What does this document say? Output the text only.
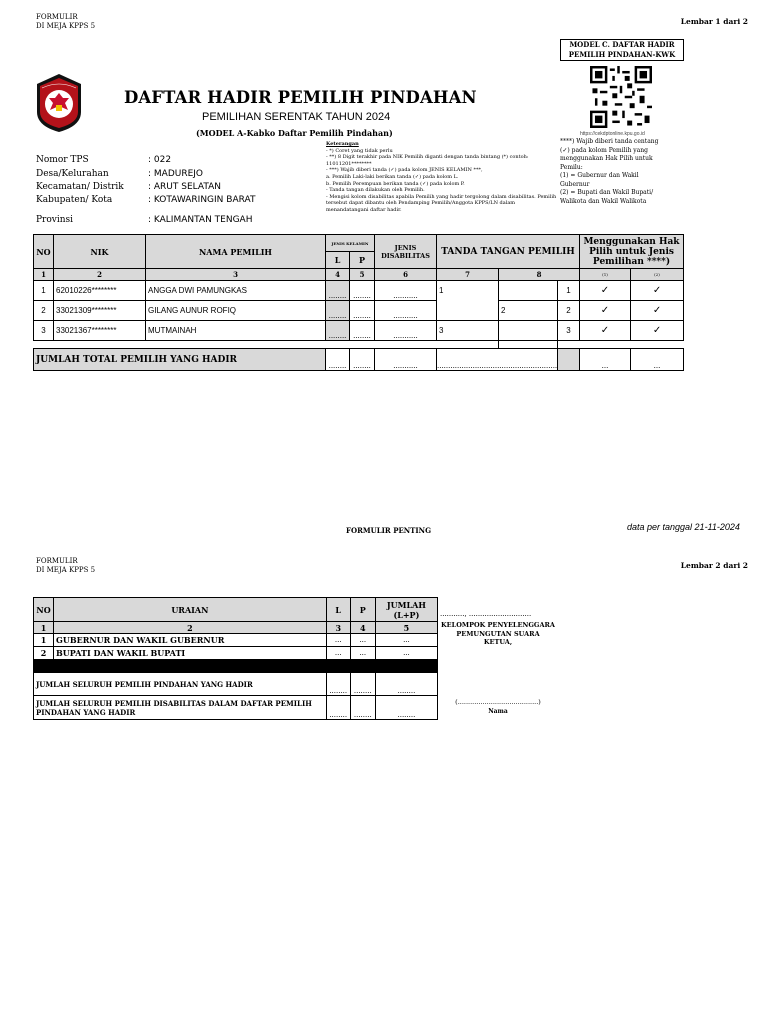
FORMULIR
DI MEJA KPPS 5	Lembar 1 dari 2
MODEL C. DAFTAR HADIR
PEMILIH PINDAHAN-KWK
https://cekdptonline.kpu.go.id
DAFTAR HADIR PEMILIH PINDAHAN
PEMILIHAN SERENTAK TAHUN 2024
(MODEL A-Kabko Daftar Pemilih Pindahan)
Nomor TPS	: 022
Desa/Kelurahan	: MADUREJO
Kecamatan/ Distrik	: ARUT SELATAN
Kabupaten/ Kota	: KOTAWARINGIN BARAT
Provinsi	: KALIMANTAN TENGAH
Keterangan
- *) Coret yang tidak perlu
- **) 8 Digit terakhir pada NIK Pemilih diganti dengan tanda bintang (*) contoh: 11011201********
- ***) Wajib diberi tanda (✓) pada kolom JENIS KELAMIN ***,
a. Pemilih Laki-laki berikan tanda (✓) pada kolom L.
b. Pemilih Perempuan berikan tanda (✓) pada kolom P.
- Tanda tangan dilakukan oleh Pemilih.
- Mengisi kolom disabilitas apabila Pemilih yang hadir tergolong dalam disabilitas. Pemilih tersebut dapat dibantu oleh Pendamping Pemilih/Anggota KPPS/LN dalam menandatangani daftar hadir.
****) Wajib diberi tanda centang
(✓) pada kolom Pemilih yang
menggunakan Hak Pilih untuk
Pemilu:
(1) = Gubernur dan Wakil
Gubernur
(2) = Bupati dan Wakil Bupati/
Walikota dan Wakil Walikota
NO	NIK	NAMA PEMILIH	JENIS KELAMIN		JENIS DISABILITAS	TANDA TANGAN PEMILIH			Menggunakan Hak Pilih untuk Jenis Pemilihan ****)	
			L	P						
1	2	3	4	5	6	7	8		(1)	(2)
1	62010226********	ANGGA DWI PAMUNGKAS	........	........	...........	1		1	✓	✓
2	33021309********	GILANG AUNUR ROFIQ	........	........	...........		2	2	✓	✓
3	33021367********	MUTMAINAH	........	........	...........	3		3	✓	✓

JUMLAH TOTAL PEMILIH YANG HADIR			........	........	...........	......................................................			...	...
FORMULIR PENTING	data per tanggal 21-11-2024
FORMULIR
DI MEJA KPPS 5	Lembar 2 dari 2
NO	URAIAN	L	P	JUMLAH (L+P)
1	2	3	4	5
1	GUBERNUR DAN WAKIL GUBERNUR	...	...	...
2	BUPATI DAN WAKIL BUPATI	...	...	...

JUMLAH SELURUH PEMILIH PINDAHAN YANG HADIR		........	........	........
JUMLAH SELURUH PEMILIH DISABILITAS DALAM DAFTAR PEMILIH PINDAHAN YANG HADIR		........	........	........
..........., ............................
KELOMPOK PENYELENGGARA
PEMUNGUTAN SUARA
KETUA,
(.......................................)
Nama
